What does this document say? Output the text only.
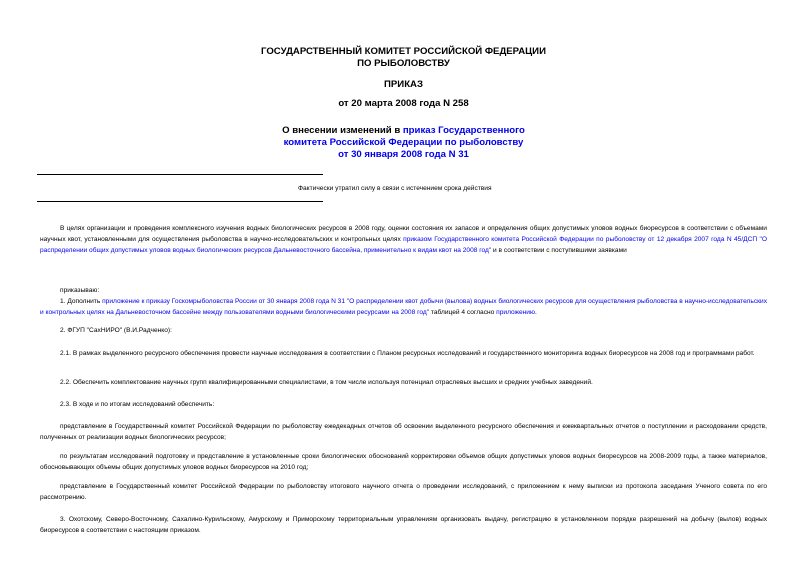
ГОСУДАРСТВЕННЫЙ КОМИТЕТ РОССИЙСКОЙ ФЕДЕРАЦИИ
ПО РЫБОЛОВСТВУ
ПРИКАЗ
от 20 марта 2008 года N 258
О внесении изменений в приказ Государственного
комитета Российской Федерации по рыболовству
от 30 января 2008 года N 31
Фактически утратил силу в связи с истечением срока действия
В целях организации и проведения комплексного изучения водных биологических ресурсов в 2008 году, оценки состояния их запасов и определения общих допустимых уловов водных биоресурсов в соответствии с объемами научных квот, установленными для осуществления рыболовства в научно-исследовательских и контрольных целях приказом Государственного комитета Российской Федерации по рыболовству от 12 декабря 2007 года N 45/ДСП "О распределении общих допустимых уловов водных биологических ресурсов Дальневосточного бассейна, применительно к видам квот на 2008 год" и в соответствии с поступившими заявками
приказываю:
1. Дополнить приложение к приказу Госкомрыболовства России от 30 января 2008 года N 31 "О распределении квот добычи (вылова) водных биологических ресурсов для осуществления рыболовства в научно-исследовательских и контрольных целях на Дальневосточном бассейне между пользователями водными биологическими ресурсами на 2008 год" таблицей 4 согласно приложению.
2. ФГУП "СахНИРО" (В.И.Радченко):
2.1. В рамках выделенного ресурсного обеспечения провести научные исследования в соответствии с Планом ресурсных исследований и государственного мониторинга водных биоресурсов на 2008 год и программами работ.
2.2. Обеспечить комплектование научных групп квалифицированными специалистами, в том числе используя потенциал отраслевых высших и средних учебных заведений.
2.3. В ходе и по итогам исследований обеспечить:
представление в Государственный комитет Российской Федерации по рыболовству ежедекадных отчетов об освоении выделенного ресурсного обеспечения и ежеквартальных отчетов о поступлении и расходовании средств, полученных от реализации водных биологических ресурсов;
по результатам исследований подготовку и представление в установленные сроки биологических обоснований корректировки объемов общих допустимых уловов водных биоресурсов на 2008-2009 годы, а также материалов, обосновывающих объемы общих допустимых уловов водных биоресурсов на 2010 год;
представление в Государственный комитет Российской Федерации по рыболовству итогового научного отчета о проведении исследований, с приложением к нему выписки из протокола заседания Ученого совета по его рассмотрению.
3. Охотскому, Северо-Восточному, Сахалино-Курильскому, Амурскому и Приморскому территориальным управлениям организовать выдачу, регистрацию в установленном порядке разрешений на добычу (вылов) водных биоресурсов в соответствии с настоящим приказом.
